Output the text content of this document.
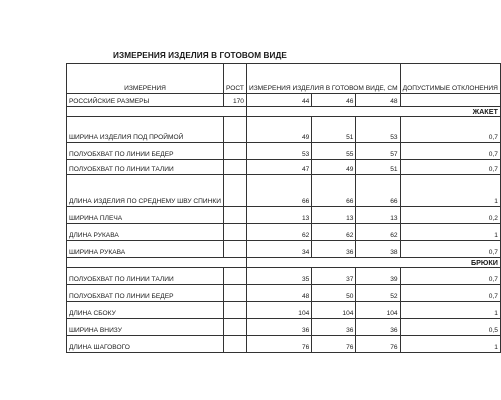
ИЗМЕРЕНИЯ ИЗДЕЛИЯ В ГОТОВОМ ВИДЕ
ИЗМЕРЕНИЯ	РОСТ	ИЗМЕРЕНИЯ ИЗДЕЛИЯ В ГОТОВОМ ВИДЕ, СМ			ДОПУСТИМЫЕ ОТКЛОНЕНИЯ
РОССИЙСКИЕ РАЗМЕРЫ	170	44	46	48	
		ЖАКЕТ			
ШИРИНА ИЗДЕЛИЯ ПОД ПРОЙМОЙ		49	51	53	0,7
ПОЛУОБХВАТ ПО ЛИНИИ БЕДЕР		53	55	57	0,7
ПОЛУОБХВАТ ПО ЛИНИИ ТАЛИИ		47	49	51	0,7
ДЛИНА ИЗДЕЛИЯ ПО СРЕДНЕМУ ШВУ СПИНКИ		66	66	66	1
ШИРИНА ПЛЕЧА		13	13	13	0,2
ДЛИНА РУКАВА		62	62	62	1
ШИРИНА РУКАВА		34	36	38	0,7
		БРЮКИ			
ПОЛУОБХВАТ ПО ЛИНИИ ТАЛИИ		35	37	39	0,7
ПОЛУОБХВАТ ПО ЛИНИИ БЕДЕР		48	50	52	0,7
ДЛИНА СБОКУ		104	104	104	1
ШИРИНА ВНИЗУ		36	36	36	0,5
ДЛИНА ШАГОВОГО		76	76	76	1
